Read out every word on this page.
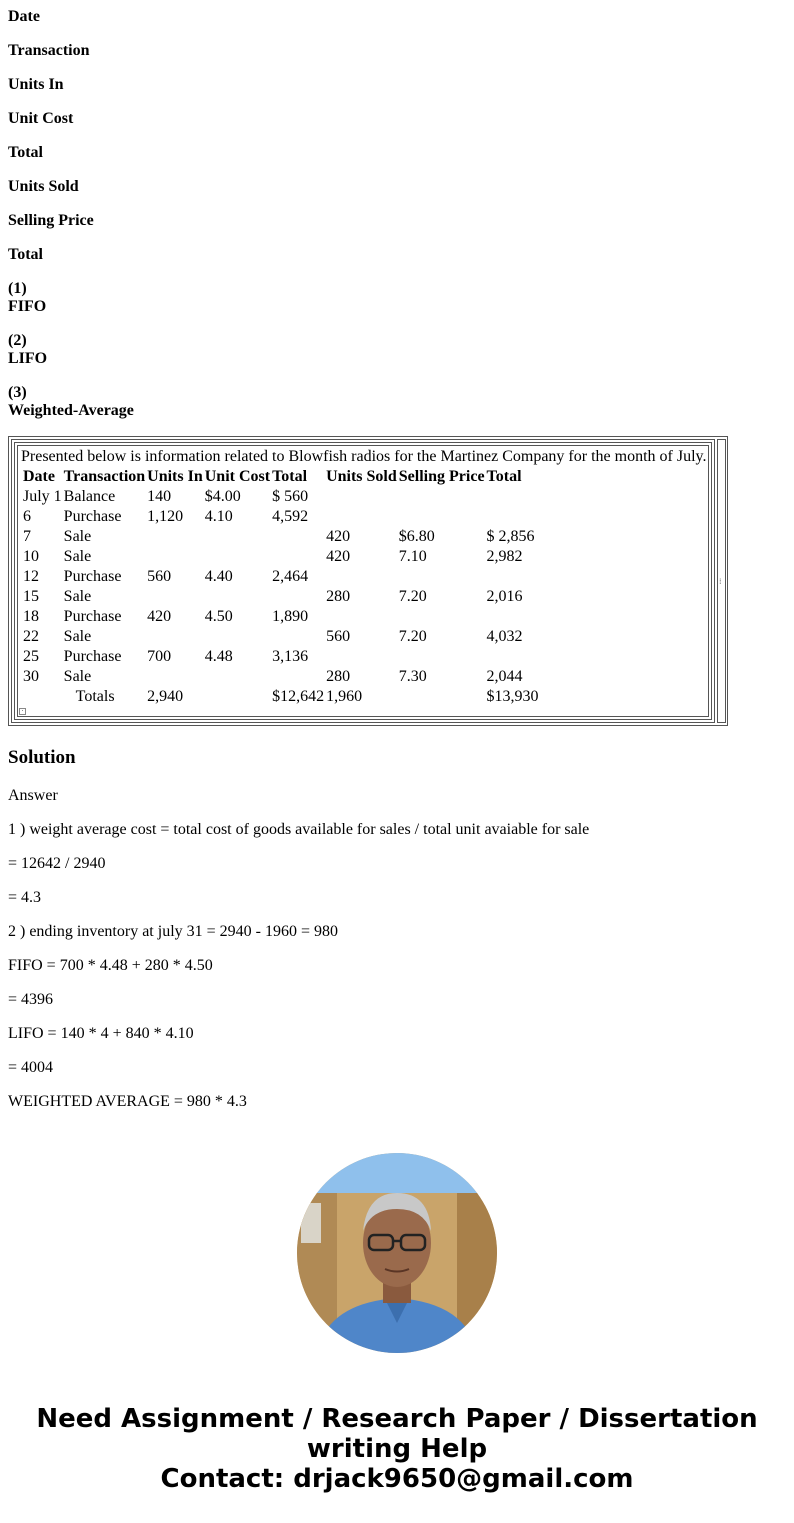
Date

Transaction

Units In

Unit Cost

Total

Units Sold

Selling Price

Total

(1)
FIFO
(2)
LIFO
(3)
Weighted-Average
Presented below is information related to Blowfish radios for the Martinez Company for the month of July.
Date	Transaction	Units In	Unit Cost	Total	Units Sold	Selling Price	Total
July 1	Balance	140	$4.00	$ 560			
6	Purchase	1,120	4.10	4,592			
7	Sale				420	$6.80	$ 2,856
10	Sale				420	7.10	2,982
12	Purchase	560	4.40	2,464			
15	Sale				280	7.20	2,016
18	Purchase	420	4.50	1,890			
22	Sale				560	7.20	4,032
25	Purchase	700	4.48	3,136			
30	Sale				280	7.30	2,044
	Totals	2,940		$12,642	1,960		$13,930
·
⁞
Solution
Answer
1 ) weight average cost = total cost of goods available for sales / total unit avaiable for sale
= 12642 / 2940
= 4.3
2 ) ending inventory at july 31 = 2940 - 1960 = 980
FIFO = 700 * 4.48 + 280 * 4.50
= 4396
LIFO = 140 * 4 + 840 * 4.10
= 4004
WEIGHTED AVERAGE = 980 * 4.3
Need Assignment / Research Paper / Dissertation
writing Help
Contact: drjack9650@gmail.com
